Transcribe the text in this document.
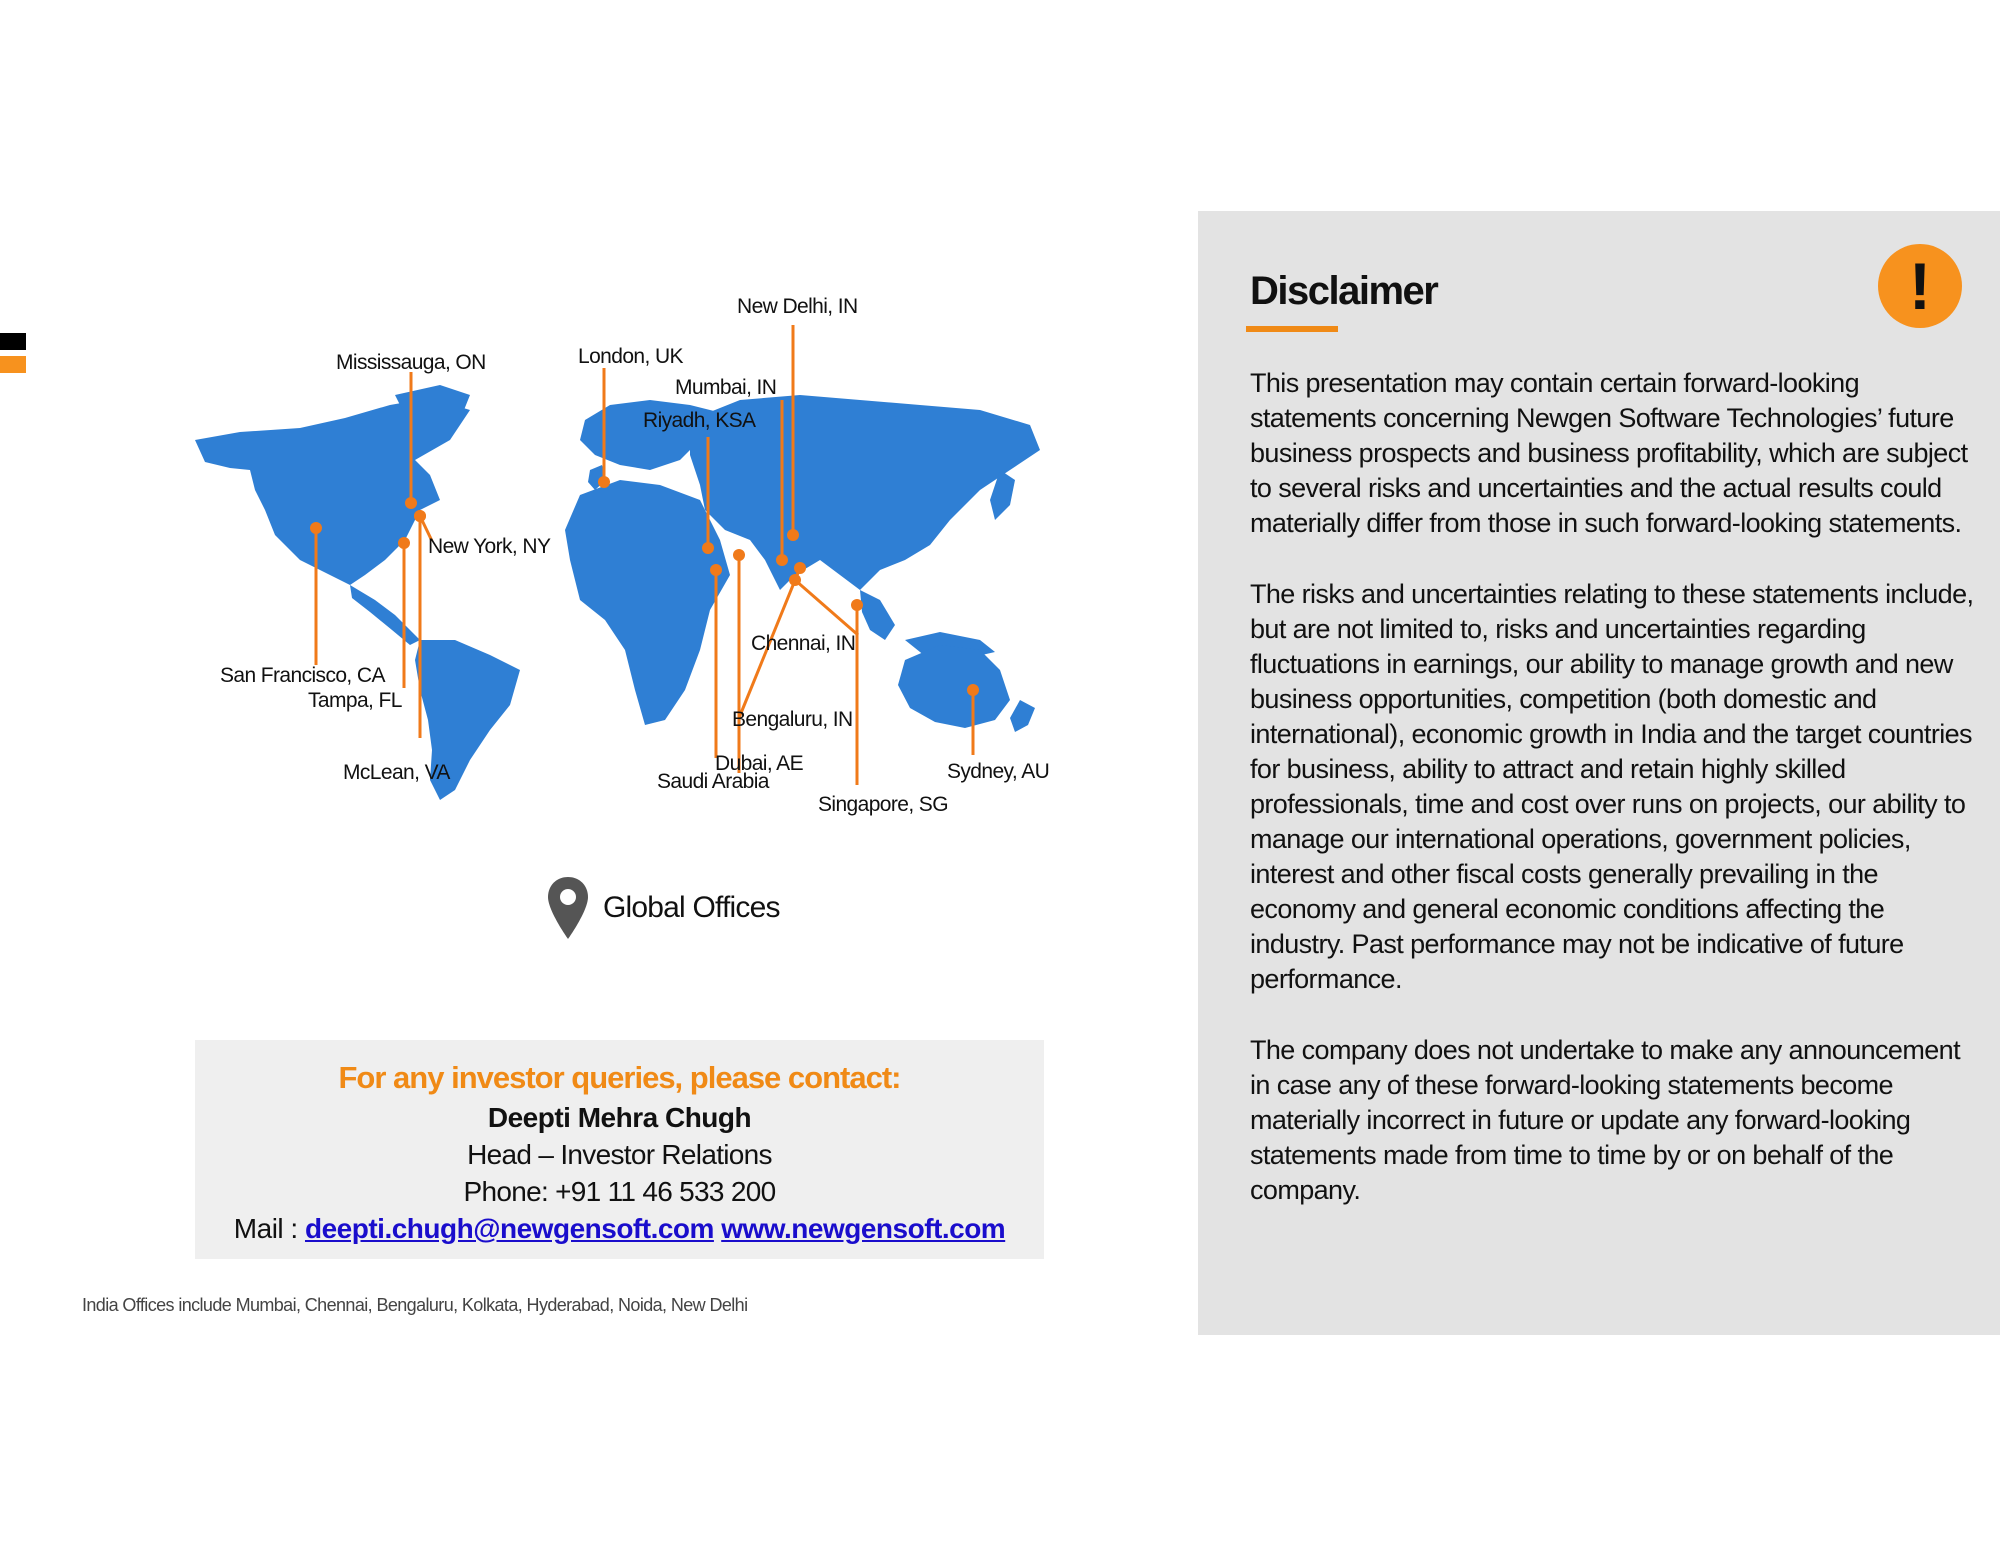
New Delhi, IN
Mississauga, ON	London, UK
Mumbai, IN
Riyadh, KSA
New York, NY
Chennai, IN
San Francisco, CA
Tampa, FL
Bengaluru, IN
Dubai, AE
Saudi Arabia
McLean, VA	Sydney, AU
Singapore, SG
Global Offices
For any investor queries, please contact:
Deepti Mehra Chugh
Head – Investor Relations
Phone: +91 11 46 533 200
Mail : deepti.chugh@newgensoft.com www.newgensoft.com
India Offices include Mumbai, Chennai, Bengaluru, Kolkata, Hyderabad, Noida, New Delhi
Disclaimer	!

This presentation may contain certain forward-looking statements concerning Newgen Software Technologies’ future business prospects and business profitability, which are subject to several risks and uncertainties and the actual results could materially differ from those in such forward-looking statements.

The risks and uncertainties relating to these statements include, but are not limited to, risks and uncertainties regarding fluctuations in earnings, our ability to manage growth and new business opportunities, competition (both domestic and international), economic growth in India and the target countries for business, ability to attract and retain highly skilled professionals, time and cost over runs on projects, our ability to manage our international operations, government policies, interest and other fiscal costs generally prevailing in the economy and general economic conditions affecting the industry. Past performance may not be indicative of future performance.

The company does not undertake to make any announcement in case any of these forward-looking statements become materially incorrect in future or update any forward-looking statements made from time to time by or on behalf of the company.
